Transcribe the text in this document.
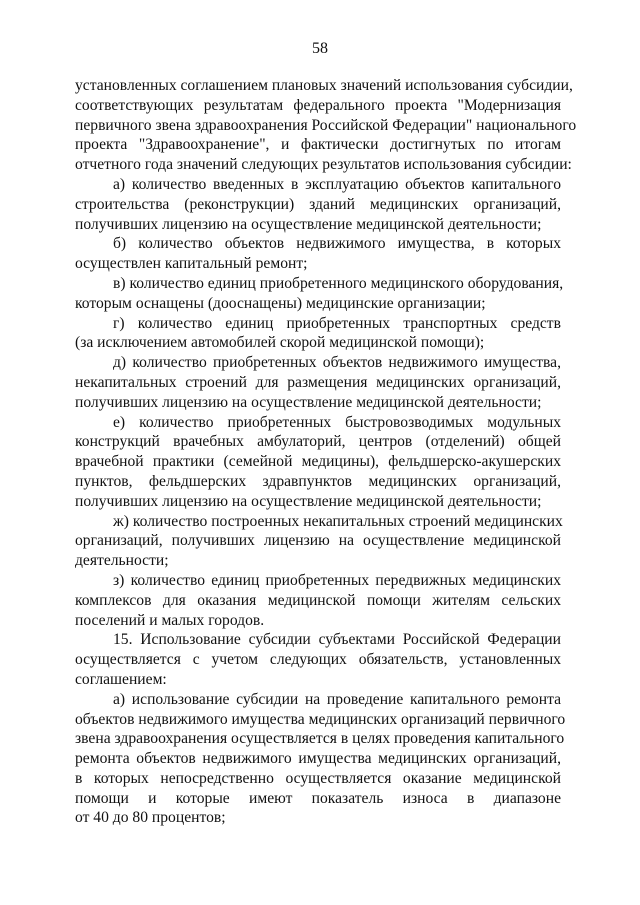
58
установленных соглашением плановых значений использования субсидии,
соответствующих результатам федерального проекта "Модернизация
первичного звена здравоохранения Российской Федерации" национального
проекта "Здравоохранение", и фактически достигнутых по итогам
отчетного года значений следующих результатов использования субсидии:
а) количество введенных в эксплуатацию объектов капитального
строительства (реконструкции) зданий медицинских организаций,
получивших лицензию на осуществление медицинской деятельности;
б) количество объектов недвижимого имущества, в которых
осуществлен капитальный ремонт;
в) количество единиц приобретенного медицинского оборудования,
которым оснащены (дооснащены) медицинские организации;
г) количество единиц приобретенных транспортных средств
(за исключением автомобилей скорой медицинской помощи);
д) количество приобретенных объектов недвижимого имущества,
некапитальных строений для размещения медицинских организаций,
получивших лицензию на осуществление медицинской деятельности;
е) количество приобретенных быстровозводимых модульных
конструкций врачебных амбулаторий, центров (отделений) общей
врачебной практики (семейной медицины), фельдшерско-акушерских
пунктов, фельдшерских здравпунктов медицинских организаций,
получивших лицензию на осуществление медицинской деятельности;
ж) количество построенных некапитальных строений медицинских
организаций, получивших лицензию на осуществление медицинской
деятельности;
з) количество единиц приобретенных передвижных медицинских
комплексов для оказания медицинской помощи жителям сельских
поселений и малых городов.
15. Использование субсидии субъектами Российской Федерации
осуществляется с учетом следующих обязательств, установленных
соглашением:
а) использование субсидии на проведение капитального ремонта
объектов недвижимого имущества медицинских организаций первичного
звена здравоохранения осуществляется в целях проведения капитального
ремонта объектов недвижимого имущества медицинских организаций,
в которых непосредственно осуществляется оказание медицинской
помощи и которые имеют показатель износа в диапазоне
от 40 до 80 процентов;
